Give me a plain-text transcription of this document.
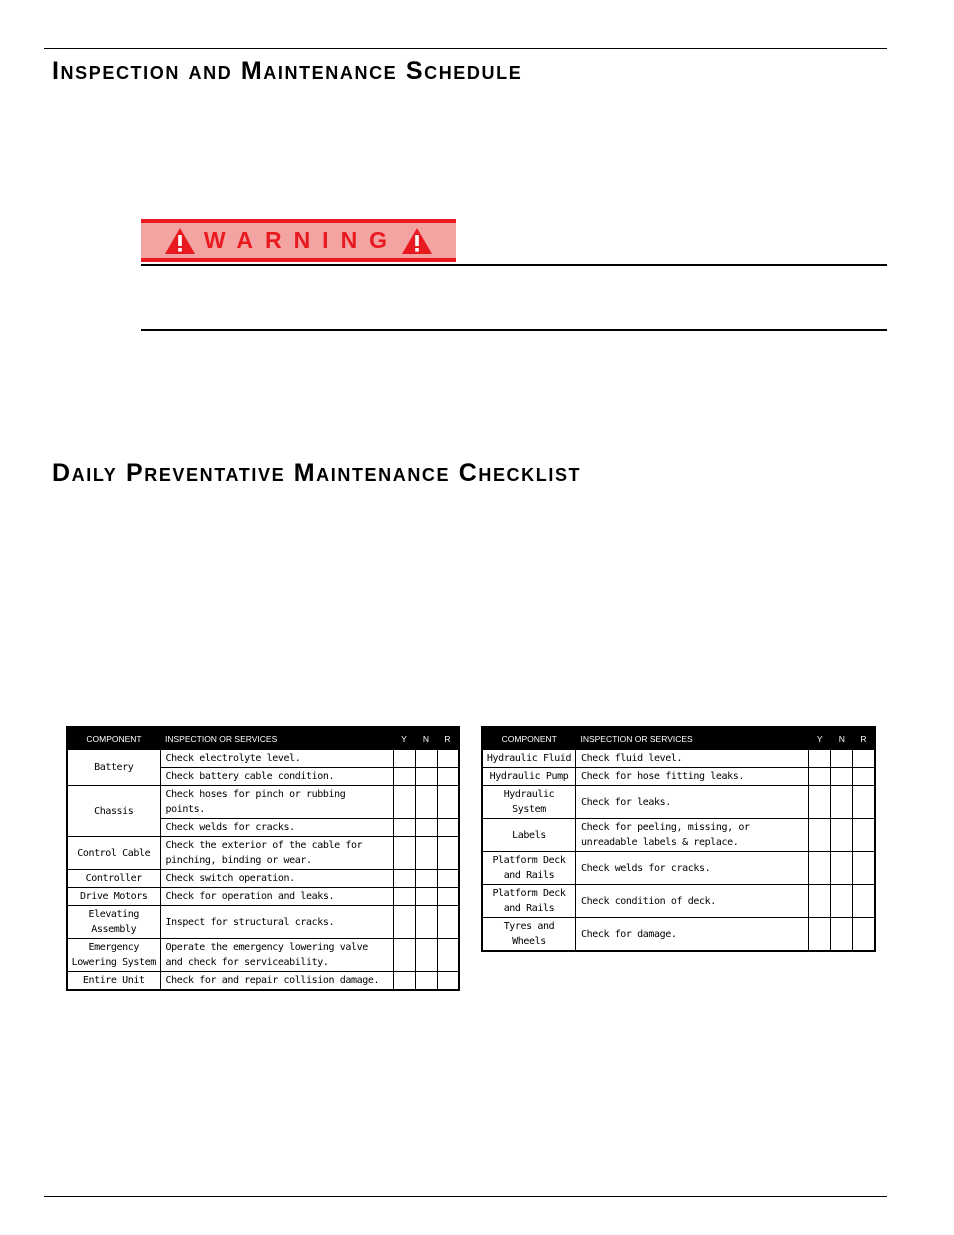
Inspection and Maintenance Schedule
WARNING
Daily Preventative Maintenance Checklist
COMPONENT	INSPECTION OR SERVICES	Y	N	R
Battery	Check electrolyte level.			
	Check battery cable condition.			
Chassis	Check hoses for pinch or rubbing points.			
	Check welds for cracks.			
Control Cable	Check the exterior of the cable for pinching, binding or wear.			
Controller	Check switch operation.			
Drive Motors	Check for operation and leaks.			
Elevating Assembly	Inspect for structural cracks.			
Emergency Lowering System	Operate the emergency lowering valve and check for serviceability.			
Entire Unit	Check for and repair collision damage.			
COMPONENT	INSPECTION OR SERVICES	Y	N	R
Hydraulic Fluid	Check fluid level.			
Hydraulic Pump	Check for hose fitting leaks.			
Hydraulic System	Check for leaks.			
Labels	Check for peeling, missing, or unreadable labels & replace.			
Platform Deck and Rails	Check welds for cracks.			
Platform Deck and Rails	Check condition of deck.			
Tyres and Wheels	Check for damage.			
